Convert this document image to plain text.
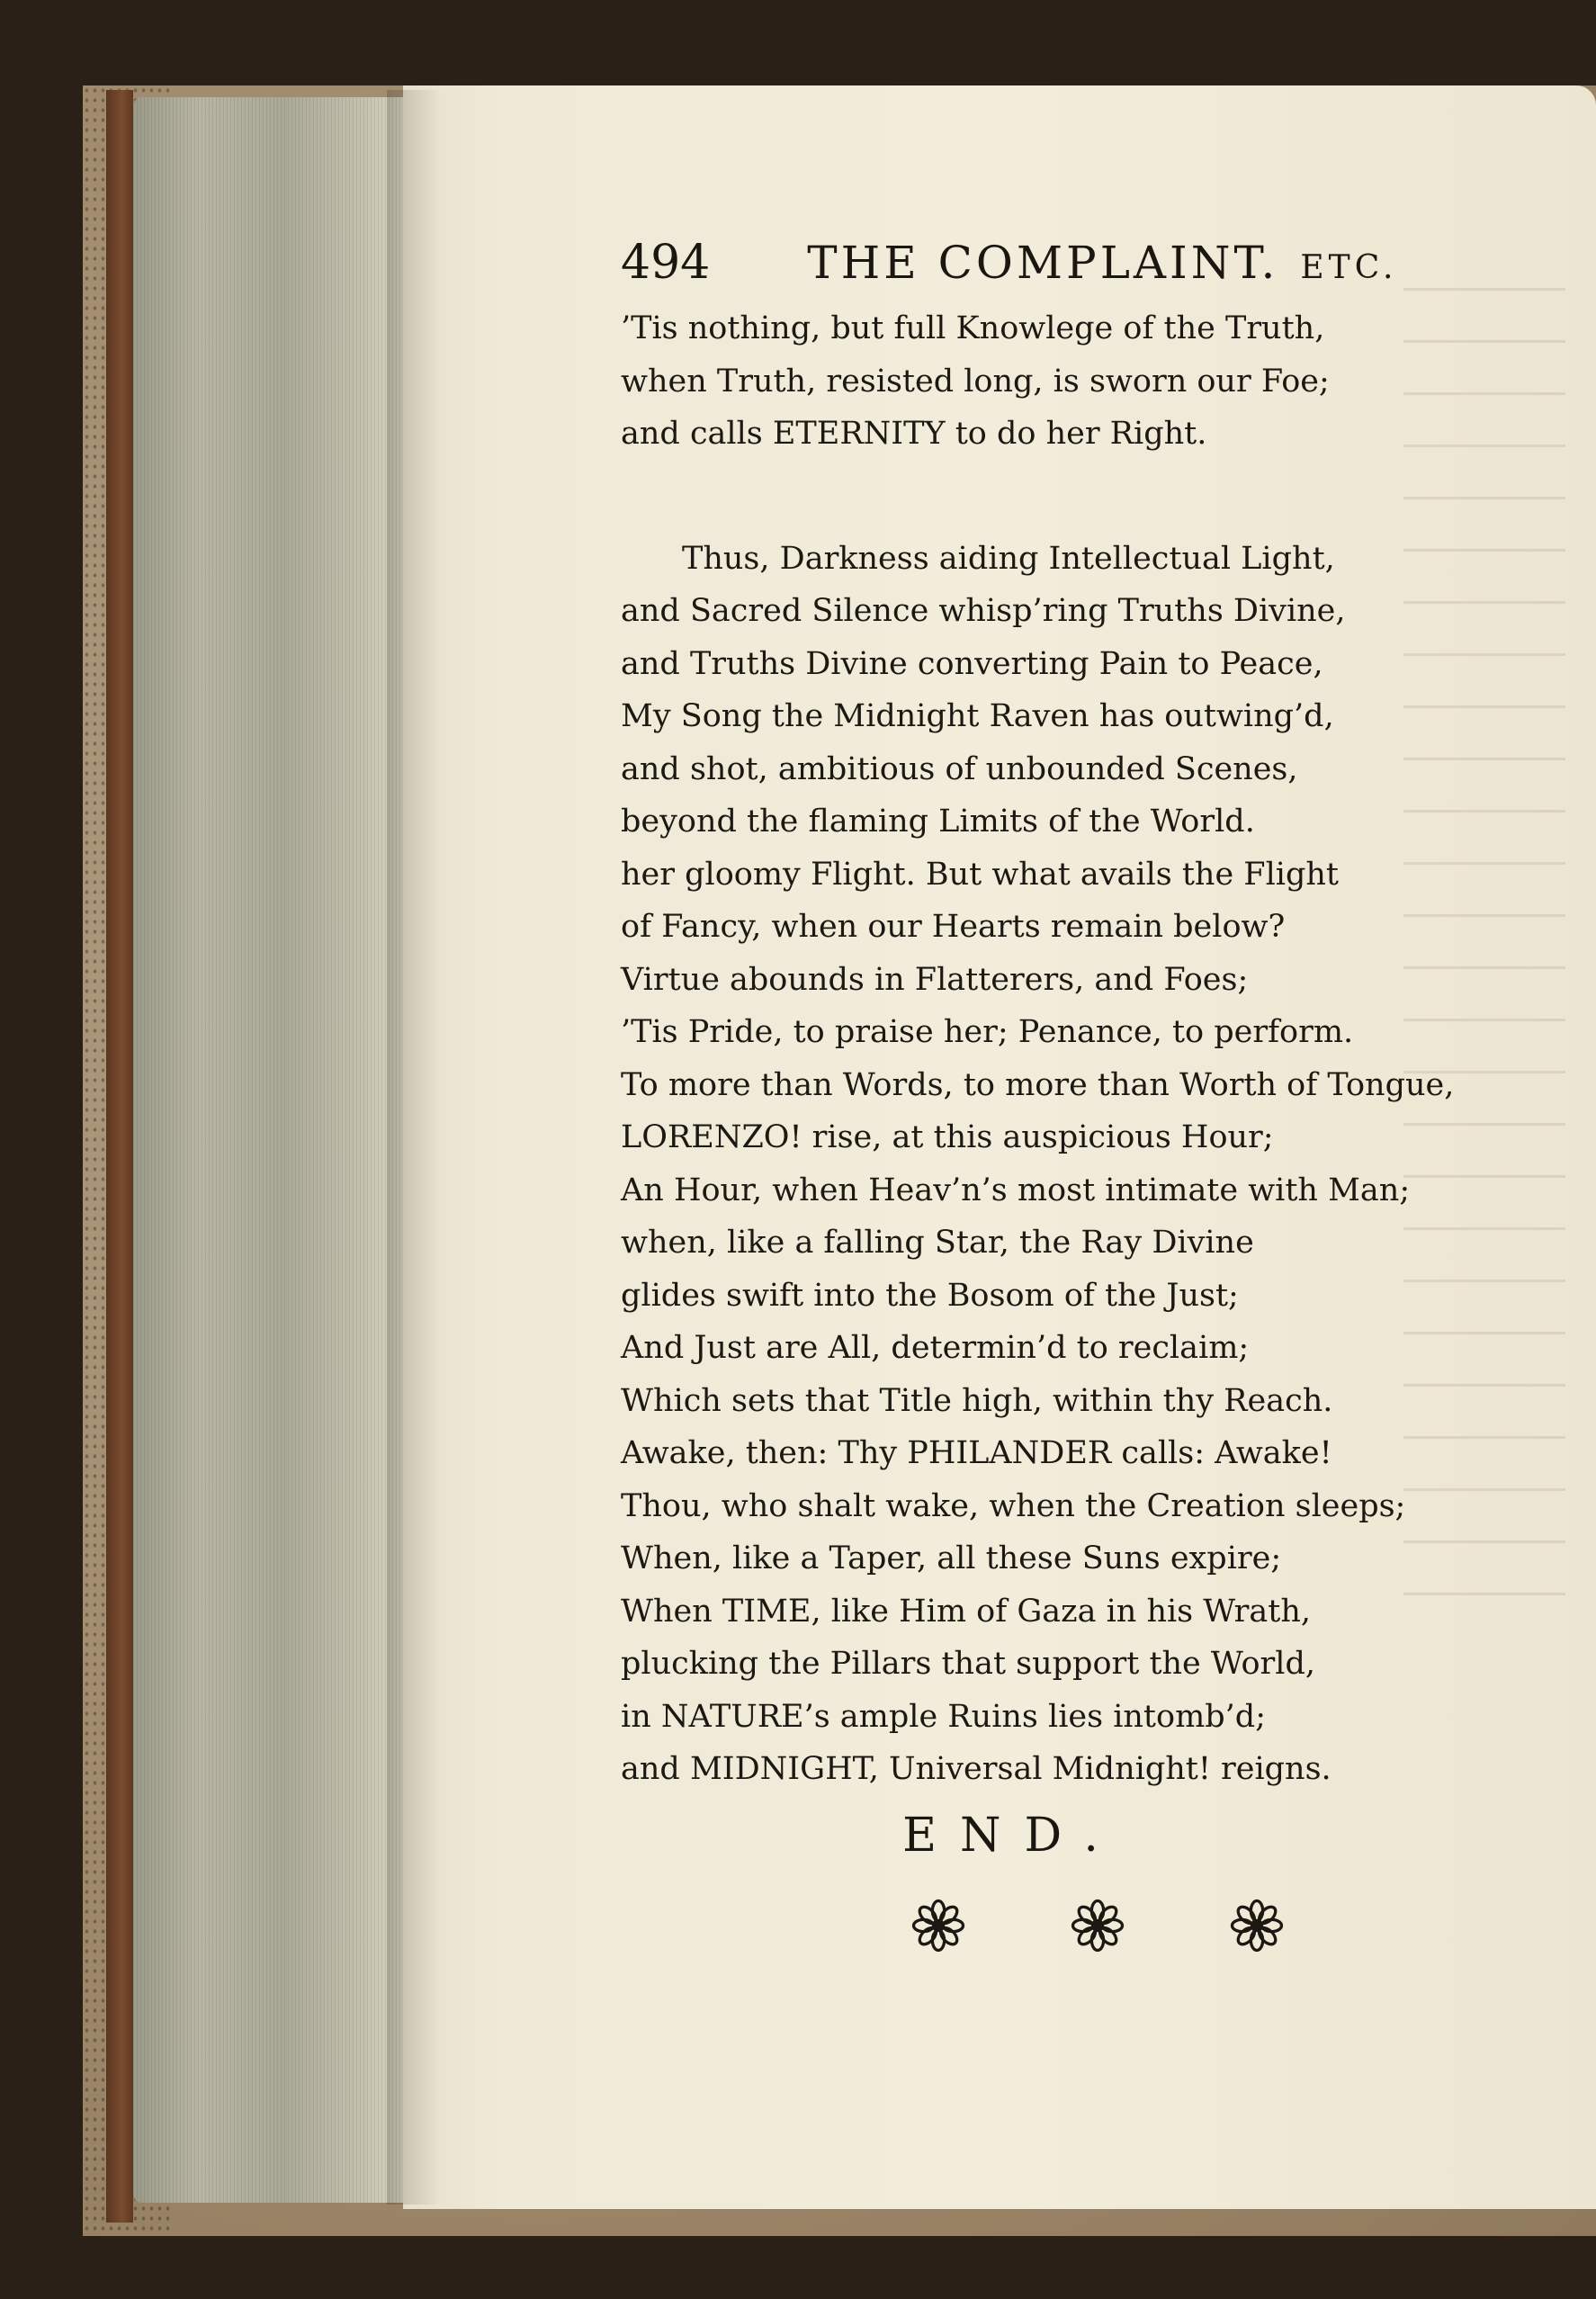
494 THE COMPLAINT. ETC.
’Tis nothing, but full Knowlege of the Truth,
when Truth, resisted long, is sworn our Foe;
and calls ETERNITY to do her Right.
Thus, Darkness aiding Intellectual Light,
and Sacred Silence whisp’ring Truths Divine,
and Truths Divine converting Pain to Peace,
My Song the Midnight Raven has outwing’d,
and shot, ambitious of unbounded Scenes,
beyond the flaming Limits of the World.
her gloomy Flight. But what avails the Flight
of Fancy, when our Hearts remain below?
Virtue abounds in Flatterers, and Foes;
’Tis Pride, to praise her; Penance, to perform.
To more than Words, to more than Worth of Tongue,
LORENZO! rise, at this auspicious Hour;
An Hour, when Heav’n’s most intimate with Man;
when, like a falling Star, the Ray Divine
glides swift into the Bosom of the Just;
And Just are All, determin’d to reclaim;
Which sets that Title high, within thy Reach.
Awake, then: Thy PHILANDER calls: Awake!
Thou, who shalt wake, when the Creation sleeps;
When, like a Taper, all these Suns expire;
When TIME, like Him of Gaza in his Wrath,
plucking the Pillars that support the World,
in NATURE’s ample Ruins lies intomb’d;
and MIDNIGHT, Universal Midnight! reigns.
END.
